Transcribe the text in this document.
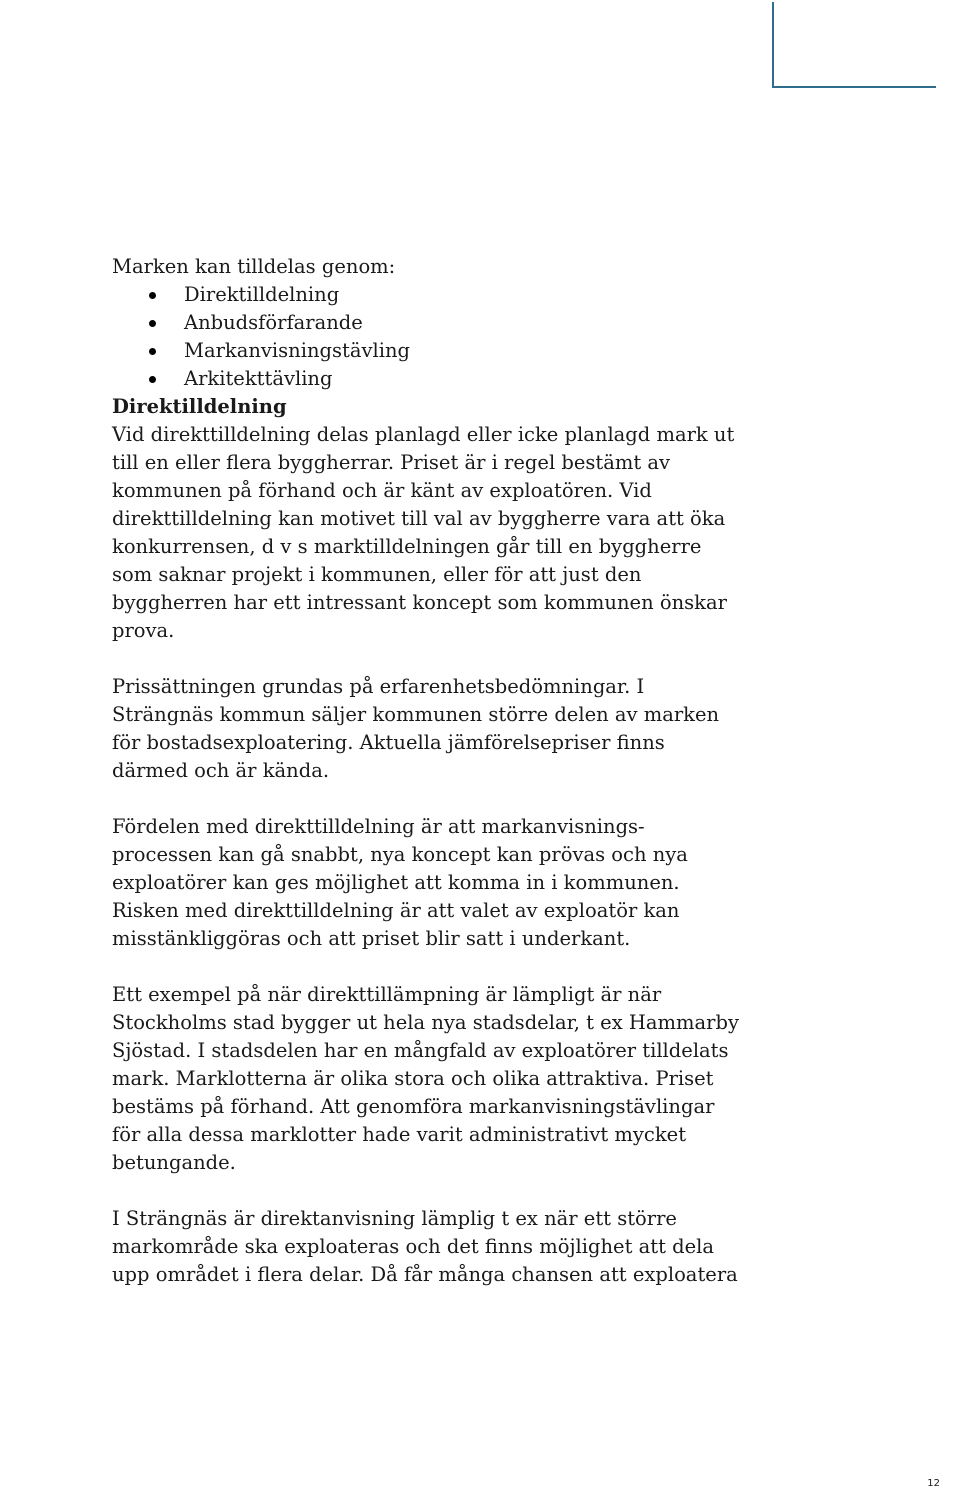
Marken kan tilldelas genom:

Direktilldelning
Anbudsförfarande
Markanvisningstävling
Arkitekttävling

Direktilldelning

Vid direkttilldelning delas planlagd eller icke planlagd mark ut till en eller flera byggherrar. Priset är i regel bestämt av kommunen på förhand och är känt av exploatören. Vid direkttilldelning kan motivet till val av byggherre vara att öka konkurrensen, d v s marktilldelningen går till en byggherre som saknar projekt i kommunen, eller för att just den byggherren har ett intressant koncept som kommunen önskar prova.

Prissättningen grundas på erfarenhetsbedömningar. I Strängnäs kommun säljer kommunen större delen av marken för bostadsexploatering. Aktuella jämförelsepriser finns därmed och är kända.

Fördelen med direkttilldelning är att markanvisnings-processen kan gå snabbt, nya koncept kan prövas och nya exploatörer kan ges möjlighet att komma in i kommunen. Risken med direkttilldelning är att valet av exploatör kan misstänkliggöras och att priset blir satt i underkant.

Ett exempel på när direkttillämpning är lämpligt är när Stockholms stad bygger ut hela nya stadsdelar, t ex Hammarby Sjöstad. I stadsdelen har en mångfald av exploatörer tilldelats mark. Marklotterna är olika stora och olika attraktiva. Priset bestäms på förhand. Att genomföra markanvisningstävlingar för alla dessa marklotter hade varit administrativt mycket betungande.

I Strängnäs är direktanvisning lämplig t ex när ett större markområde ska exploateras och det finns möjlighet att dela upp området i flera delar. Då får många chansen att exploatera

12
